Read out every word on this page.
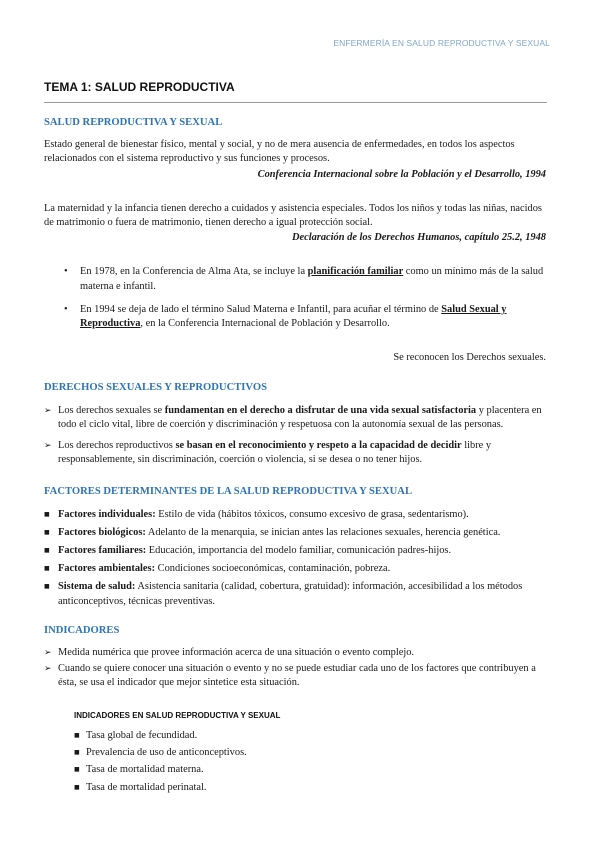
ENFERMERÍA EN SALUD REPRODUCTIVA Y SEXUAL
TEMA 1: SALUD REPRODUCTIVA
SALUD REPRODUCTIVA Y SEXUAL

Estado general de bienestar físico, mental y social, y no de mera ausencia de enfermedades, en todos los aspectos relacionados con el sistema reproductivo y sus funciones y procesos.

Conferencia Internacional sobre la Población y el Desarrollo, 1994

La maternidad y la infancia tienen derecho a cuidados y asistencia especiales. Todos los niños y todas las niñas, nacidos de matrimonio o fuera de matrimonio, tienen derecho a igual protección social.

Declaración de los Derechos Humanos, capítulo 25.2, 1948

• En 1978, en la Conferencia de Alma Ata, se incluye la planificación familiar como un mínimo más de la salud materna e infantil.
• En 1994 se deja de lado el término Salud Materna e Infantil, para acuñar el término de Salud Sexual y Reproductiva, en la Conferencia Internacional de Población y Desarrollo.

Se reconocen los Derechos sexuales.

DERECHOS SEXUALES Y REPRODUCTIVOS
➢ Los derechos sexuales se fundamentan en el derecho a disfrutar de una vida sexual satisfactoria y placentera en todo el ciclo vital, libre de coerción y discriminación y respetuosa con la autonomía sexual de las personas.
➢ Los derechos reproductivos se basan en el reconocimiento y respeto a la capacidad de decidir libre y responsablemente, sin discriminación, coerción o violencia, si se desea o no tener hijos.
FACTORES DETERMINANTES DE LA SALUD REPRODUCTIVA Y SEXUAL
■ Factores individuales: Estilo de vida (hábitos tóxicos, consumo excesivo de grasa, sedentarismo).
■ Factores biológicos: Adelanto de la menarquia, se inician antes las relaciones sexuales, herencia genética.
■ Factores familiares: Educación, importancia del modelo familiar, comunicación padres-hijos.
■ Factores ambientales: Condiciones socioeconómicas, contaminación, pobreza.
■ Sistema de salud: Asistencia sanitaria (calidad, cobertura, gratuidad): información, accesibilidad a los métodos anticonceptivos, técnicas preventivas.
INDICADORES
➢ Medida numérica que provee información acerca de una situación o evento complejo.
➢ Cuando se quiere conocer una situación o evento y no se puede estudiar cada uno de los factores que contribuyen a ésta, se usa el indicador que mejor sintetice esta situación.
INDICADORES EN SALUD REPRODUCTIVA Y SEXUAL
■ Tasa global de fecundidad.
■ Prevalencia de uso de anticonceptivos.
■ Tasa de mortalidad materna.
■ Tasa de mortalidad perinatal.
